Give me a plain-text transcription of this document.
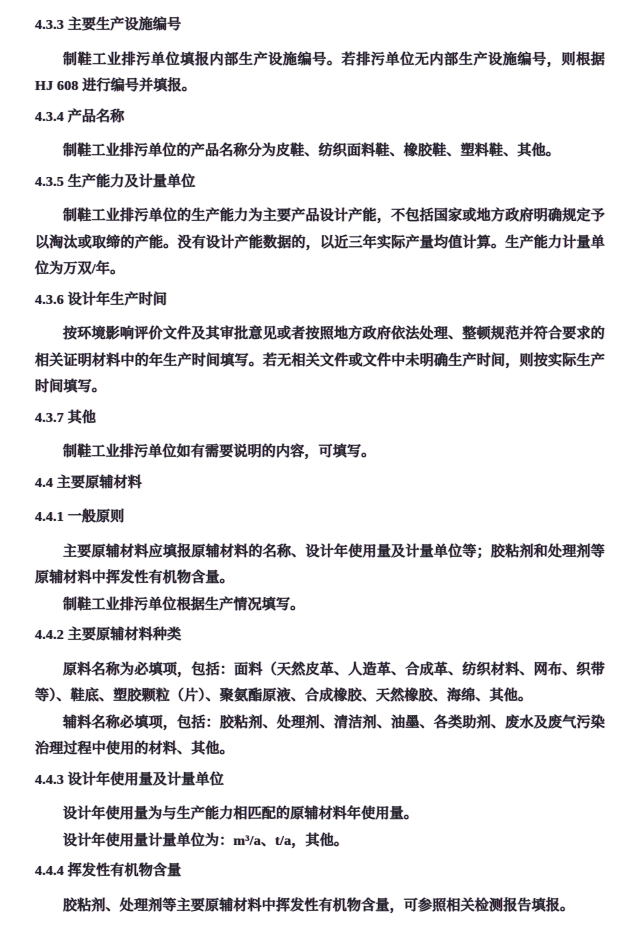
4.3.3 主要生产设施编号
制鞋工业排污单位填报内部生产设施编号。若排污单位无内部生产设施编号，则根据
HJ 608 进行编号并填报。
4.3.4 产品名称
制鞋工业排污单位的产品名称分为皮鞋、纺织面料鞋、橡胶鞋、塑料鞋、其他。
4.3.5 生产能力及计量单位
制鞋工业排污单位的生产能力为主要产品设计产能，不包括国家或地方政府明确规定予
以淘汰或取缔的产能。没有设计产能数据的，以近三年实际产量均值计算。生产能力计量单
位为万双/年。
4.3.6 设计年生产时间
按环境影响评价文件及其审批意见或者按照地方政府依法处理、整顿规范并符合要求的
相关证明材料中的年生产时间填写。若无相关文件或文件中未明确生产时间，则按实际生产
时间填写。
4.3.7 其他
制鞋工业排污单位如有需要说明的内容，可填写。
4.4 主要原辅材料
4.4.1 一般原则
主要原辅材料应填报原辅材料的名称、设计年使用量及计量单位等；胶粘剂和处理剂等
原辅材料中挥发性有机物含量。
制鞋工业排污单位根据生产情况填写。
4.4.2 主要原辅材料种类
原料名称为必填项，包括：面料（天然皮革、人造革、合成革、纺织材料、网布、织带
等）、鞋底、塑胶颗粒（片）、聚氨酯原液、合成橡胶、天然橡胶、海绵、其他。
辅料名称必填项，包括：胶粘剂、处理剂、清洁剂、油墨、各类助剂、废水及废气污染
治理过程中使用的材料、其他。
4.4.3 设计年使用量及计量单位
设计年使用量为与生产能力相匹配的原辅材料年使用量。
设计年使用量计量单位为：m³/a、t/a，其他。
4.4.4 挥发性有机物含量
胶粘剂、处理剂等主要原辅材料中挥发性有机物含量，可参照相关检测报告填报。
